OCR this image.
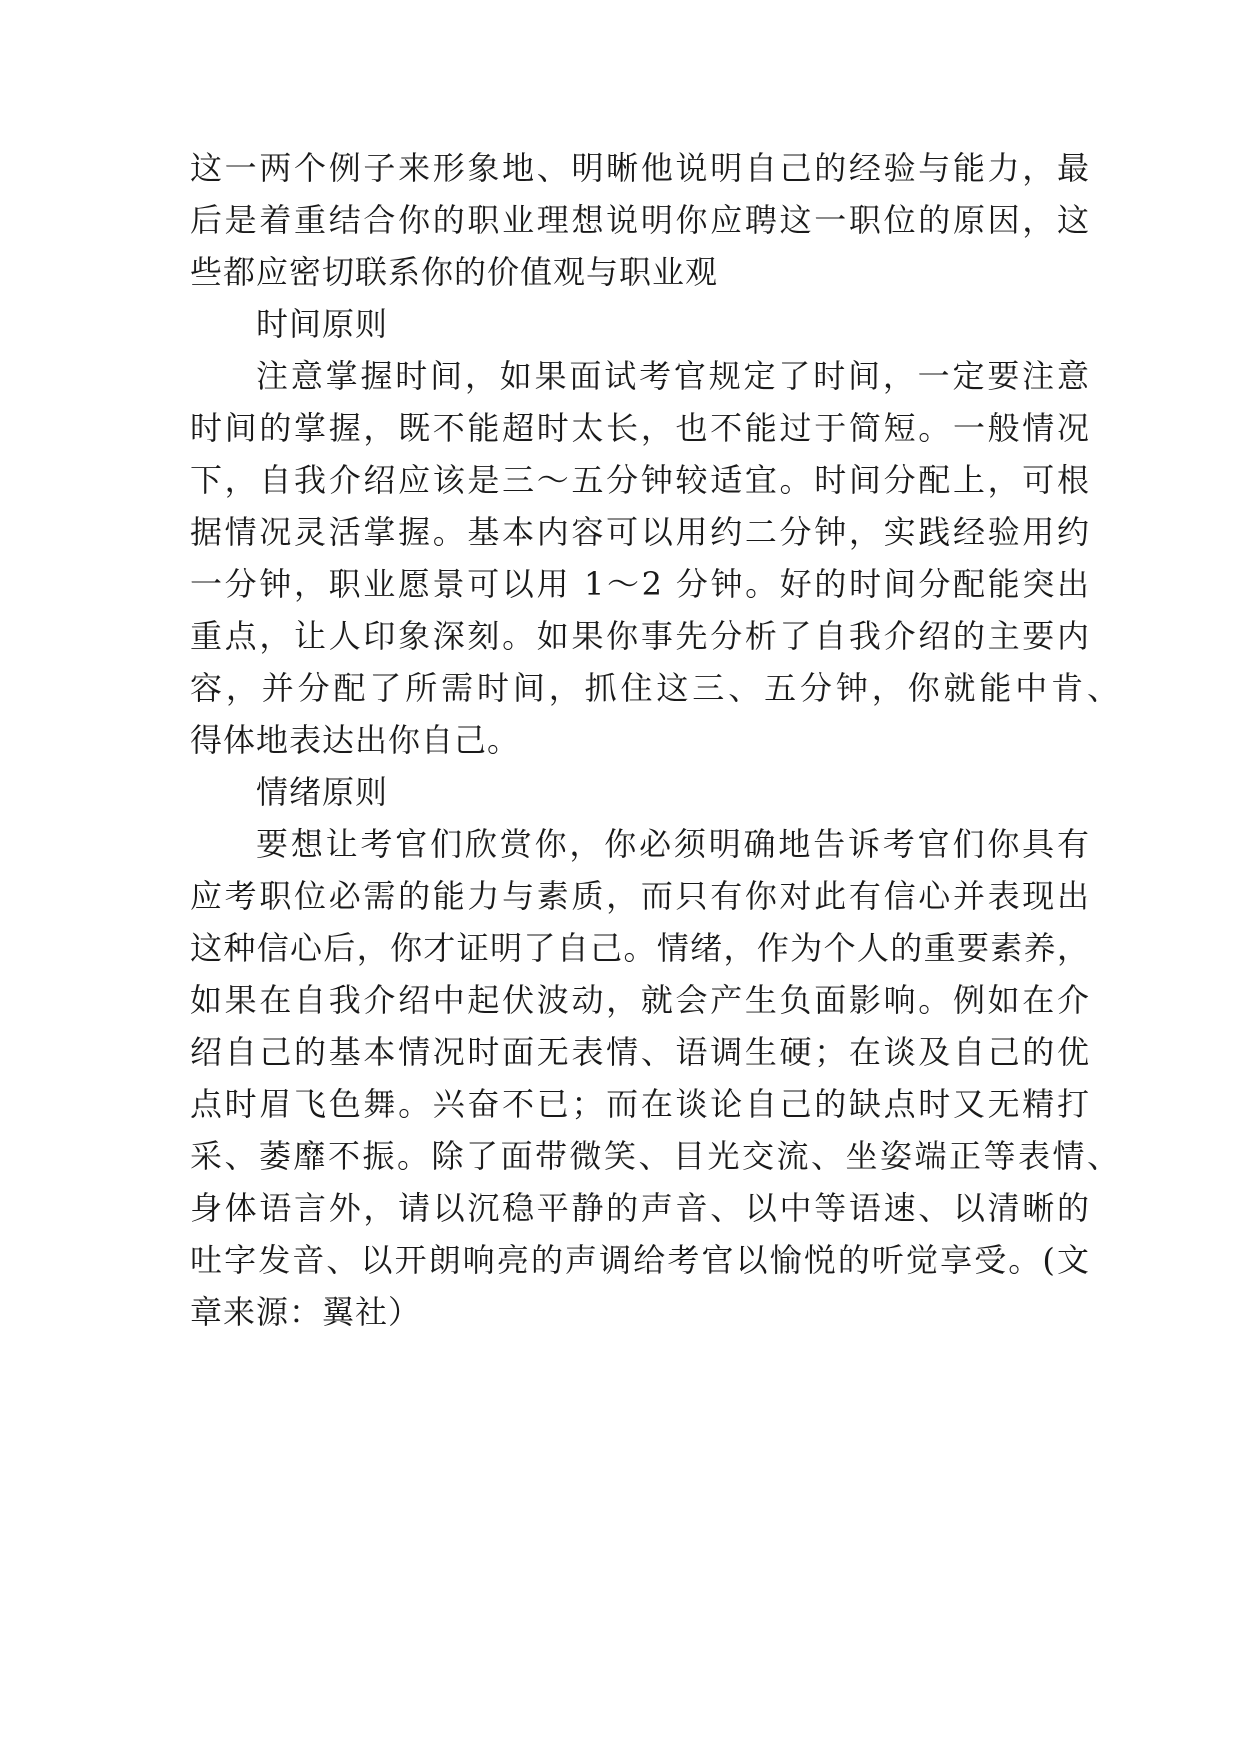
这一两个例子来形象地、明晰他说明自己的经验与能力，最
后是着重结合你的职业理想说明你应聘这一职位的原因，这
些都应密切联系你的价值观与职业观
时间原则
注意掌握时间，如果面试考官规定了时间，一定要注意
时间的掌握，既不能超时太长，也不能过于简短。一般情况
下，自我介绍应该是三～五分钟较适宜。时间分配上，可根
据情况灵活掌握。基本内容可以用约二分钟，实践经验用约
一分钟，职业愿景可以用 1～2 分钟。好的时间分配能突出
重点，让人印象深刻。如果你事先分析了自我介绍的主要内
容，并分配了所需时间，抓住这三、五分钟，你就能中肯、
得体地表达出你自己。
情绪原则
要想让考官们欣赏你，你必须明确地告诉考官们你具有
应考职位必需的能力与素质，而只有你对此有信心并表现出
这种信心后，你才证明了自己。情绪，作为个人的重要素养，
如果在自我介绍中起伏波动，就会产生负面影响。例如在介
绍自己的基本情况时面无表情、语调生硬；在谈及自己的优
点时眉飞色舞。兴奋不已；而在谈论自己的缺点时又无精打
采、萎靡不振。除了面带微笑、目光交流、坐姿端正等表情、
身体语言外，请以沉稳平静的声音、以中等语速、以清晰的
吐字发音、以开朗响亮的声调给考官以愉悦的听觉享受。(文
章来源：翼社）
